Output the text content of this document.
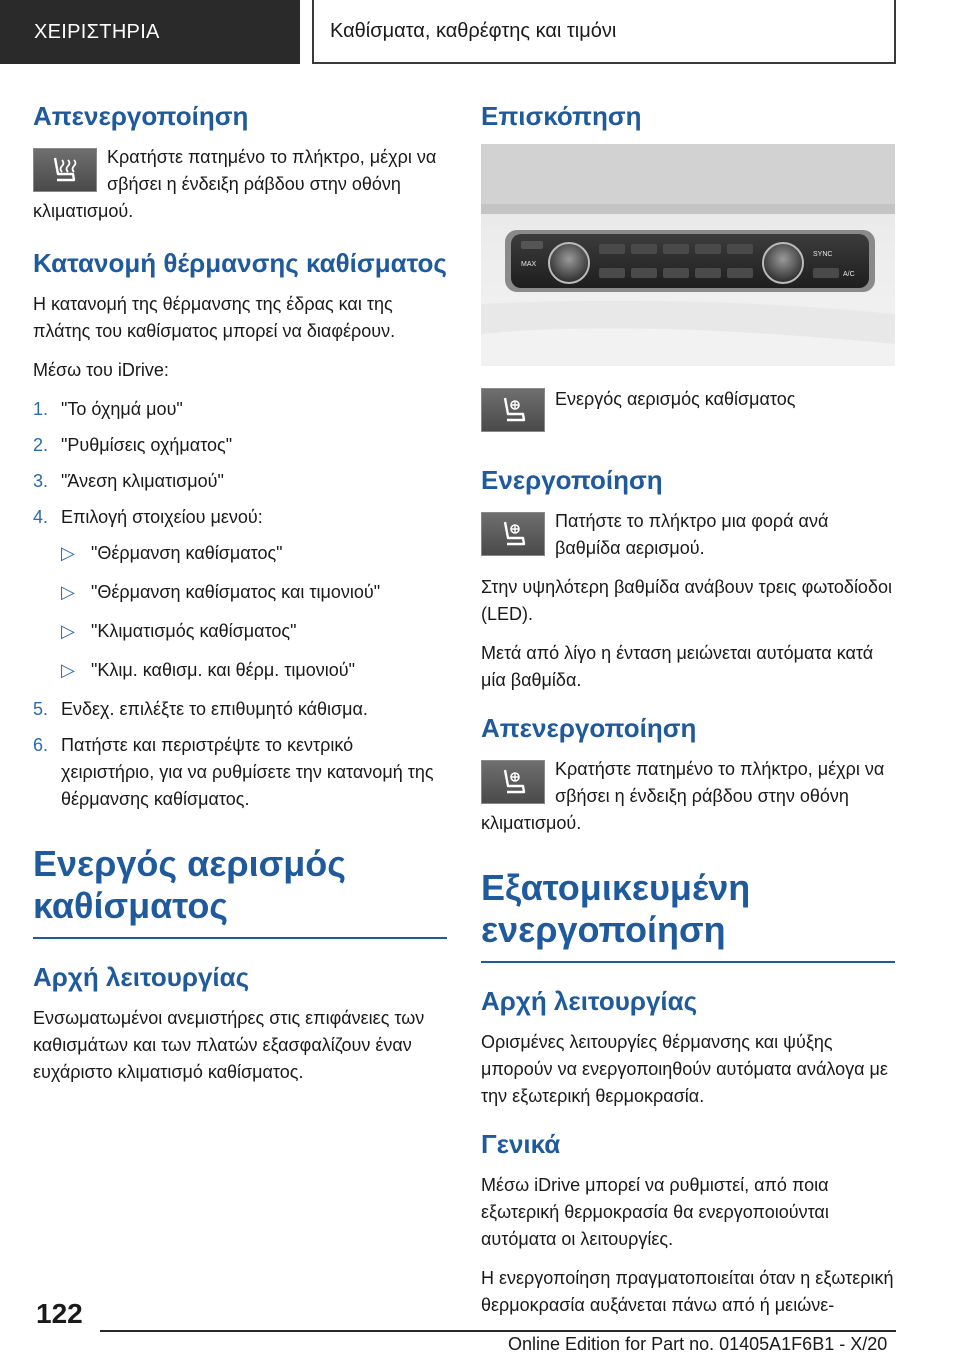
ΧΕΙΡΙΣΤΗΡΙΑ	Καθίσματα, καθρέφτης και τιμόνι
Απενεργοποίηση
Κρατήστε πατημένο το πλήκτρο, μέχρι να σβήσει η ένδειξη ράβδου στην οθόνη κλιματισμού.
Κατανομή θέρμανσης καθίσματος
Η κατανομή της θέρμανσης της έδρας και της πλάτης του καθίσματος μπορεί να διαφέρουν.
Μέσω του iDrive:
1. "Το όχημά μου"
2. "Ρυθμίσεις οχήματος"
3. "Άνεση κλιματισμού"
4. Επιλογή στοιχείου μενού:
▷ "Θέρμανση καθίσματος"
▷ "Θέρμανση καθίσματος και τιμονιού"
▷ "Κλιματισμός καθίσματος"
▷ "Κλιμ. καθισμ. και θέρμ. τιμονιού"
5. Ενδεχ. επιλέξτε το επιθυμητό κάθισμα.
6. Πατήστε και περιστρέψτε το κεντρικό χειριστήριο, για να ρυθμίσετε την κατανομή της θέρμανσης καθίσματος.
Ενεργός αερισμός καθίσματος
Αρχή λειτουργίας
Ενσωματωμένοι ανεμιστήρες στις επιφάνειες των καθισμάτων και των πλατών εξασφαλίζουν έναν ευχάριστο κλιματισμό καθίσματος.
Επισκόπηση
MAX
SYNC
A/C
Ενεργός αερισμός καθίσματος
Ενεργοποίηση
Πατήστε το πλήκτρο μια φορά ανά βαθμίδα αερισμού.
Στην υψηλότερη βαθμίδα ανάβουν τρεις φωτοδίοδοι (LED).
Μετά από λίγο η ένταση μειώνεται αυτόματα κατά μία βαθμίδα.
Απενεργοποίηση
Κρατήστε πατημένο το πλήκτρο, μέχρι να σβήσει η ένδειξη ράβδου στην οθόνη κλιματισμού.
Εξατομικευμένη ενεργοποίηση
Αρχή λειτουργίας
Ορισμένες λειτουργίες θέρμανσης και ψύξης μπορούν να ενεργοποιηθούν αυτόματα ανάλογα με την εξωτερική θερμοκρασία.
Γενικά
Μέσω iDrive μπορεί να ρυθμιστεί, από ποια εξωτερική θερμοκρασία θα ενεργοποιούνται αυτόματα οι λειτουργίες.
Η ενεργοποίηση πραγματοποιείται όταν η εξωτερική θερμοκρασία αυξάνεται πάνω από ή μειώνε-
122
Online Edition for Part no. 01405A1F6B1 - X/20
